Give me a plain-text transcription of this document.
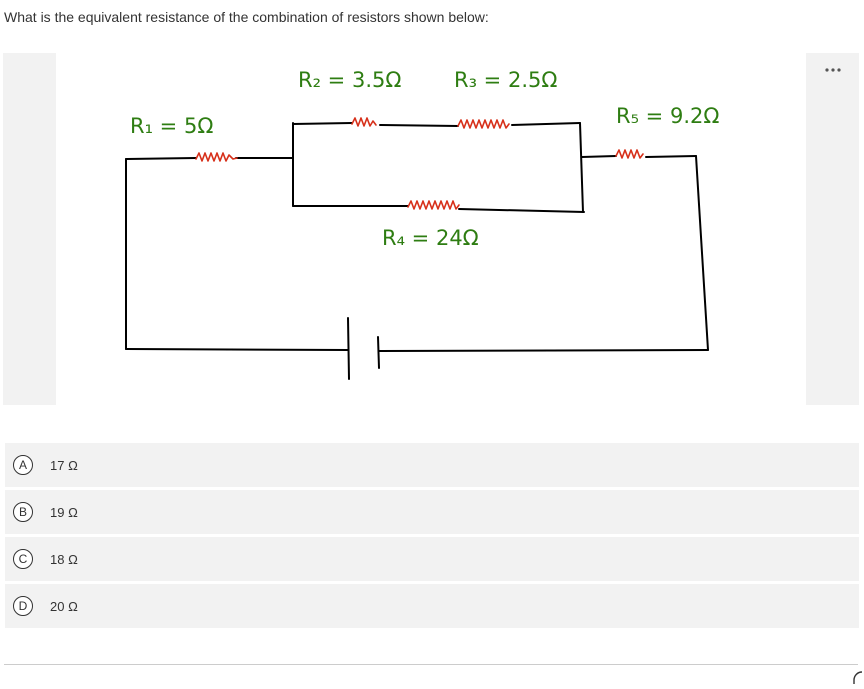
What is the equivalent resistance of the combination of resistors shown below:
R₁ = 5Ω
R₂ = 3.5Ω	R₃ = 2.5Ω
R₄ = 24Ω
R₅ = 9.2Ω
A	17 Ω
B	19 Ω
C	18 Ω
D	20 Ω
